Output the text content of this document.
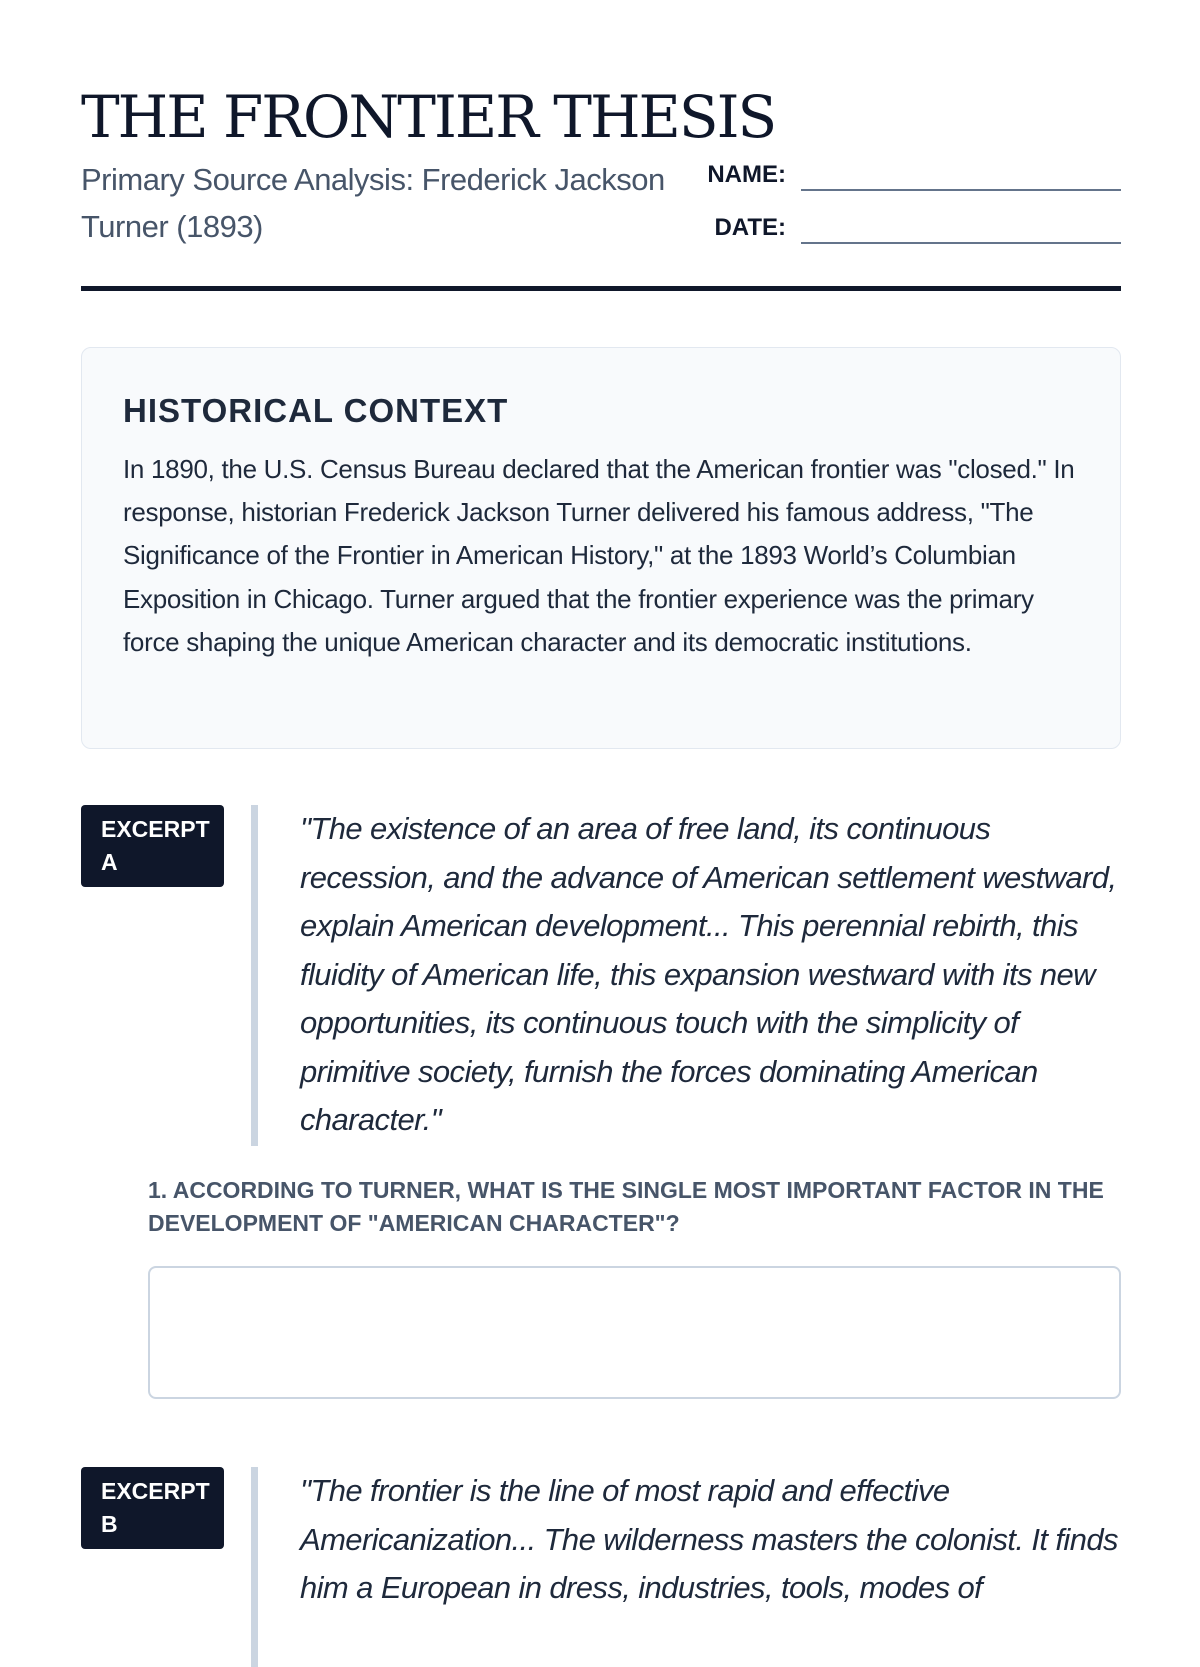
THE FRONTIER THESIS

Primary Source Analysis: Frederick Jackson Turner (1893)

NAME:
DATE:
HISTORICAL CONTEXT

In 1890, the U.S. Census Bureau declared that the American frontier was "closed." In response, historian Frederick Jackson Turner delivered his famous address, "The Significance of the Frontier in American History," at the 1893 World’s Columbian Exposition in Chicago. Turner argued that the frontier experience was the primary force shaping the unique American character and its democratic institutions.

EXCERPT A

"The existence of an area of free land, its continuous recession, and the advance of American settlement westward, explain American development... This perennial rebirth, this fluidity of American life, this expansion westward with its new opportunities, its continuous touch with the simplicity of primitive society, furnish the forces dominating American character."

1. ACCORDING TO TURNER, WHAT IS THE SINGLE MOST IMPORTANT FACTOR IN THE DEVELOPMENT OF "AMERICAN CHARACTER"?

EXCERPT B

"The frontier is the line of most rapid and effective Americanization... The wilderness masters the colonist. It finds him a European in dress, industries, tools, modes of
